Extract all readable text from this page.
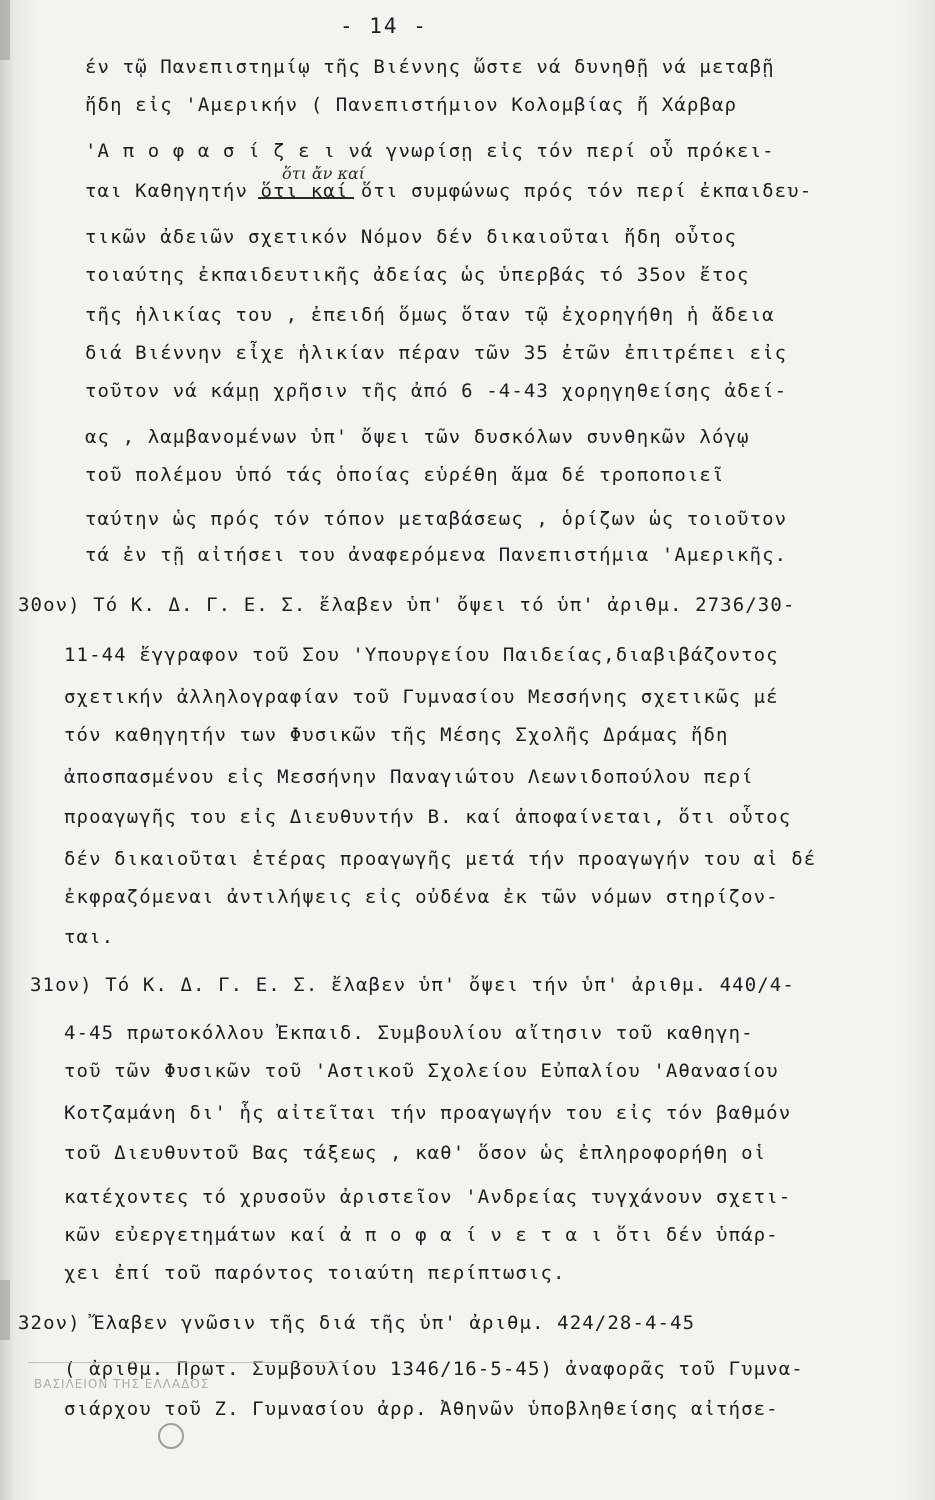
- 14 -
ὅτι ἄν καί
έν τῷ Πανεπιστημίῳ τῆς Βιέννης ὥστε νά δυνηθῇ νά μεταβῇ
ἤδη εἰς 'Αμερικήν ( Πανεπιστήμιον Κολομβίας ἤ Χάρβαρ
'Α π ο φ α σ ί ζ ε ι νά γνωρίσῃ εἰς τόν περί οὗ πρόκει-
ται Καθηγητήν ὅτι καί ὅτι συμφώνως πρός τόν περί ἐκπαιδευ-
τικῶν ἀδειῶν σχετικόν Νόμον δέν δικαιοῦται ἤδη οὗτος
τοιαύτης ἐκπαιδευτικῆς ἀδείας ὡς ὑπερβάς τό 35ον ἔτος
τῆς ἡλικίας του , ἐπειδή ὅμως ὅταν τῷ ἐχορηγήθη ἡ ἄδεια
διά Βιέννην εἶχε ἡλικίαν πέραν τῶν 35 ἐτῶν ἐπιτρέπει εἰς
τοῦτον νά κάμῃ χρῆσιν τῆς ἀπό 6 -4-43 χορηγηθείσης ἀδεί-
ας , λαμβανομένων ὑπ' ὄψει τῶν δυσκόλων συνθηκῶν λόγῳ
τοῦ πολέμου ὑπό τάς ὁποίας εὑρέθη ἅμα δέ τροποποιεῖ
ταύτην ὡς πρός τόν τόπον μεταβάσεως , ὁρίζων ὡς τοιοῦτον
τά ἐν τῇ αἰτήσει του ἀναφερόμενα Πανεπιστήμια 'Αμερικῆς.
30ον) Τό Κ. Δ. Γ. Ε. Σ. ἔλαβεν ὑπ' ὄψει τό ὑπ' ἀριθμ. 2736/30-
11-44 ἔγγραφον τοῦ Σου 'Υπουργείου Παιδείας,διαβιβάζοντος
σχετικήν ἀλληλογραφίαν τοῦ Γυμνασίου Μεσσήνης σχετικῶς μέ
τόν καθηγητήν των Φυσικῶν τῆς Μέσης Σχολῆς Δράμας ἤδη
ἀποσπασμένου εἰς Μεσσήνην Παναγιώτου Λεωνιδοπούλου περί
προαγωγῆς του εἰς Διευθυντήν Β. καί ἀποφαίνεται, ὅτι οὗτος
δέν δικαιοῦται ἑτέρας προαγωγῆς μετά τήν προαγωγήν του αἱ δέ
ἐκφραζόμεναι ἀντιλήψεις εἰς οὐδένα ἐκ τῶν νόμων στηρίζον-
ται.
31ον) Τό Κ. Δ. Γ. Ε. Σ. ἔλαβεν ὑπ' ὄψει τήν ὑπ' ἀριθμ. 440/4-
4-45 πρωτοκόλλου Ἐκπαιδ. Συμβουλίου αἴτησιν τοῦ καθηγη-
τοῦ τῶν Φυσικῶν τοῦ 'Αστικοῦ Σχολείου Εὐπαλίου 'Αθανασίου
Κοτζαμάνη δι' ἧς αἰτεῖται τήν προαγωγήν του εἰς τόν βαθμόν
τοῦ Διευθυντοῦ Βας τάξεως , καθ' ὅσον ὡς ἐπληροφορήθη οἱ
κατέχοντες τό χρυσοῦν ἀριστεῖον 'Ανδρείας τυγχάνουν σχετι-
κῶν εὐεργετημάτων καί ἀ π ο φ α ί ν ε τ α ι ὅτι δέν ὑπάρ-
χει ἐπί τοῦ παρόντος τοιαύτη περίπτωσις.
32ον) Ἔλαβεν γνῶσιν τῆς διά τῆς ὑπ' ἀριθμ. 424/28-4-45
( ἀριθμ. Πρωτ. Συμβουλίου 1346/16-5-45) ἀναφορᾶς τοῦ Γυμνα-
σιάρχου τοῦ Ζ. Γυμνασίου ἀρρ. Ἀθηνῶν ὑποβληθείσης αἰτήσε-
ΒΑΣΙΛΕΙΟΝ ΤΗΣ ΕΛΛΑΔΟΣ
